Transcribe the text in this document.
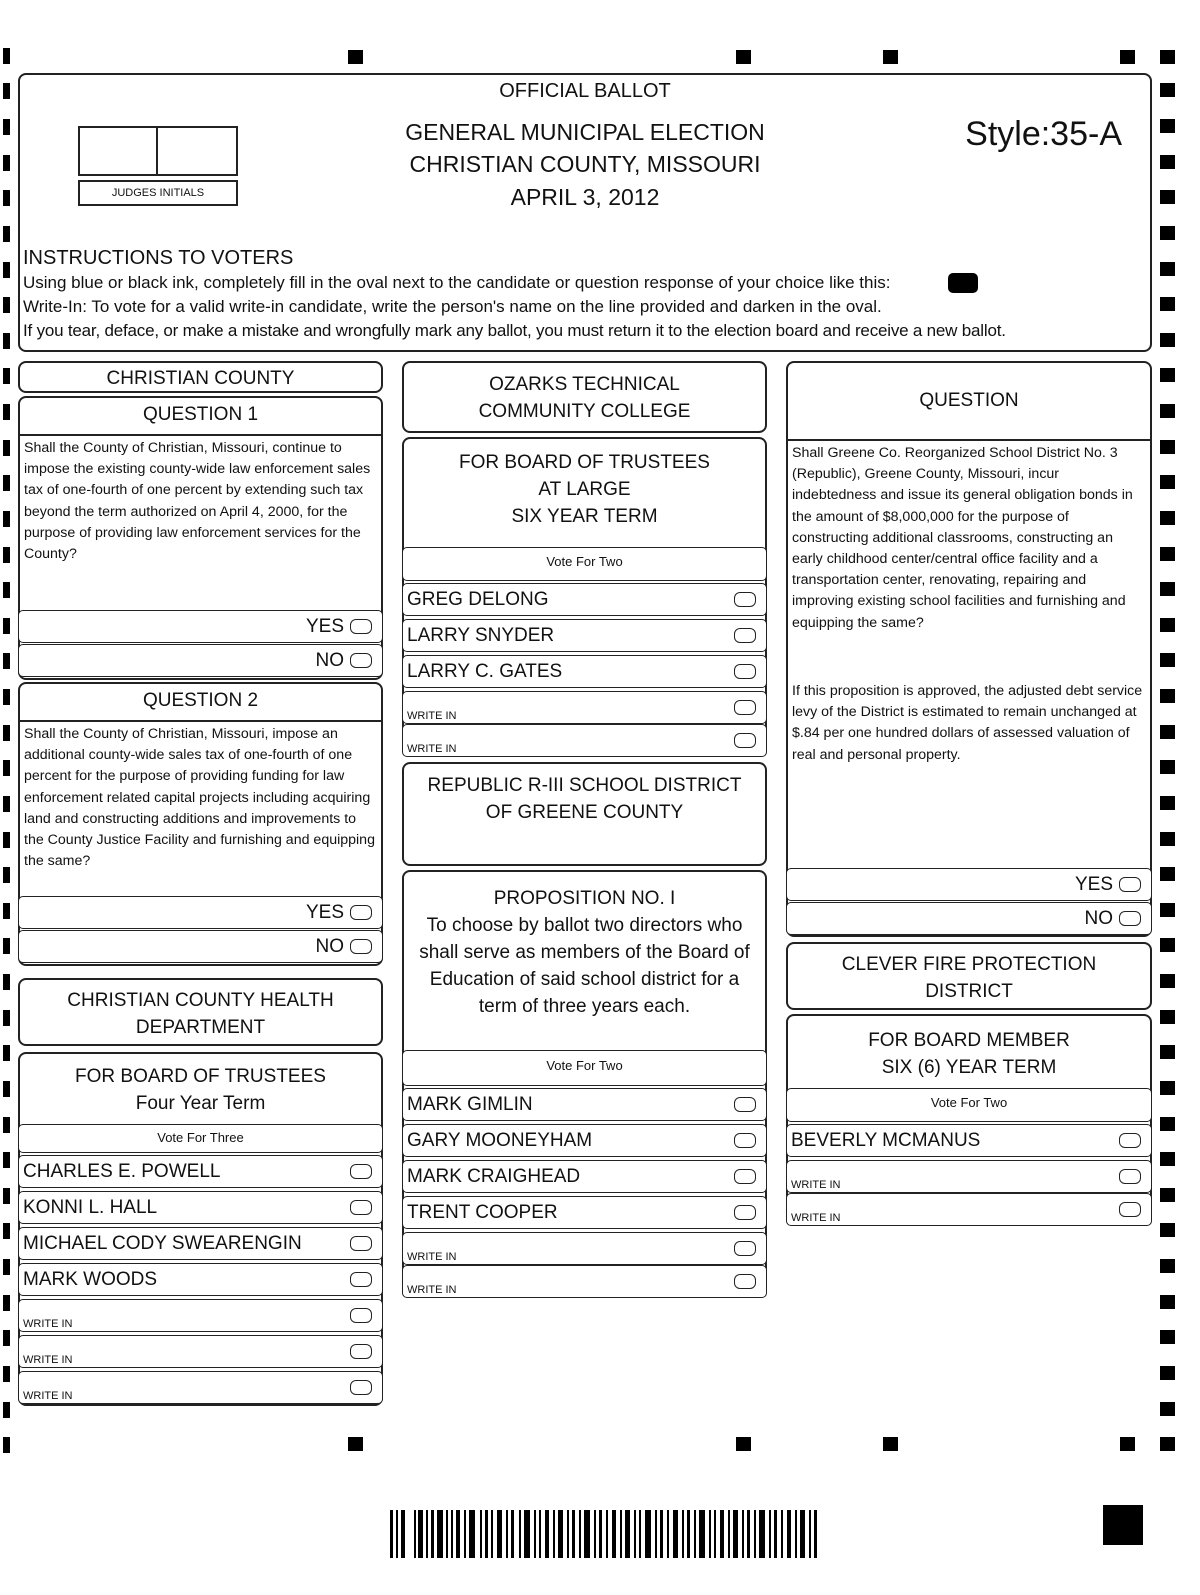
OFFICIAL BALLOT
JUDGES INITIALS
GENERAL MUNICIPAL ELECTION
CHRISTIAN COUNTY, MISSOURI
APRIL 3, 2012
Style:35-A
INSTRUCTIONS TO VOTERS
Using blue or black ink, completely fill in the oval next to the candidate or question response of your choice like this:
Write-In: To vote for a valid write-in candidate, write the person's name on the line provided and darken in the oval.
If you tear, deface, or make a mistake and wrongfully mark any ballot, you must return it to the election board and receive a new ballot.
CHRISTIAN COUNTY
QUESTION 1
Shall the County of Christian, Missouri, continue to impose the existing county-wide law enforcement sales tax of one-fourth of one percent by extending such tax beyond the term authorized on April 4, 2000, for the purpose of providing law enforcement services for the County?
YES
NO
QUESTION 2
Shall the County of Christian, Missouri, impose an additional county-wide sales tax of one-fourth of one percent for the purpose of providing funding for law enforcement related capital projects including acquiring land and constructing additions and improvements to the County Justice Facility and furnishing and equipping the same?
YES
NO
CHRISTIAN COUNTY HEALTH
DEPARTMENT
FOR BOARD OF TRUSTEES
Four Year Term
Vote For Three
CHARLES E. POWELL
KONNI L. HALL
MICHAEL CODY SWEARENGIN
MARK WOODS
WRITE IN
WRITE IN
WRITE IN
OZARKS TECHNICAL
COMMUNITY COLLEGE
FOR BOARD OF TRUSTEES
AT LARGE
SIX YEAR TERM
Vote For Two
GREG DELONG
LARRY SNYDER
LARRY C. GATES
WRITE IN
WRITE IN
REPUBLIC R-III SCHOOL DISTRICT
OF GREENE COUNTY
PROPOSITION NO. I
To choose by ballot two directors who
shall serve as members of the Board of
Education of said school district for a
term of three years each.
Vote For Two
MARK GIMLIN
GARY MOONEYHAM
MARK CRAIGHEAD
TRENT COOPER
WRITE IN
WRITE IN
QUESTION
Shall Greene Co. Reorganized School District No. 3 (Republic), Greene County, Missouri, incur indebtedness and issue its general obligation bonds in the amount of $8,000,000 for the purpose of constructing additional classrooms, constructing an early childhood center/central office facility and a transportation center, renovating, repairing and improving existing school facilities and furnishing and equipping the same?
If this proposition is approved, the adjusted debt service levy of the District is estimated to remain unchanged at $.84 per one hundred dollars of assessed valuation of real and personal property.
YES
NO
CLEVER FIRE PROTECTION
DISTRICT
FOR BOARD MEMBER
SIX (6) YEAR TERM
Vote For Two
BEVERLY MCMANUS
WRITE IN
WRITE IN
